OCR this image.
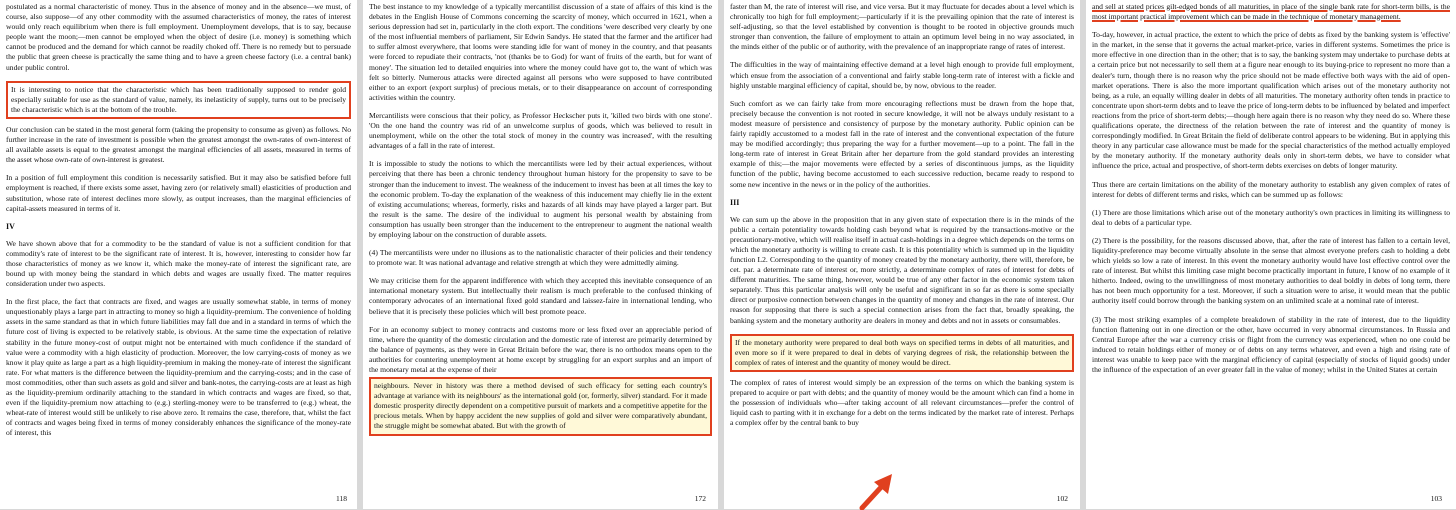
postulated as a normal characteristic of money. Thus in the absence of money and in the absence—we must, of course, also suppose—of any other commodity with the assumed characteristics of money, the rates of interest would only reach equilibrium when there is full employment. Unemployment develops, that is to say, because people want the moon;—men cannot be employed when the object of desire (i.e. money) is something which cannot be produced and the demand for which cannot be readily choked off. There is no remedy but to persuade the public that green cheese is practically the same thing and to have a green cheese factory (i.e. a central bank) under public control.

It is interesting to notice that the characteristic which has been traditionally supposed to render gold especially suitable for use as the standard of value, namely, its inelasticity of supply, turns out to be precisely the characteristic which is at the bottom of the trouble.

Our conclusion can be stated in the most general form (taking the propensity to consume as given) as follows. No further increase in the rate of investment is possible when the greatest amongst the own-rates of own-interest of all available assets is equal to the greatest amongst the marginal efficiencies of all assets, measured in terms of the asset whose own-rate of own-interest is greatest.

In a position of full employment this condition is necessarily satisfied. But it may also be satisfied before full employment is reached, if there exists some asset, having zero (or relatively small) elasticities of production and substitution, whose rate of interest declines more slowly, as output increases, than the marginal efficiencies of capital-assets measured in terms of it.

IV

We have shown above that for a commodity to be the standard of value is not a sufficient condition for that commodity's rate of interest to be the significant rate of interest. It is, however, interesting to consider how far those characteristics of money as we know it, which make the money-rate of interest the significant rate, are bound up with money being the standard in which debts and wages are usually fixed. The matter requires consideration under two aspects.

In the first place, the fact that contracts are fixed, and wages are usually somewhat stable, in terms of money unquestionably plays a large part in attracting to money so high a liquidity-premium. The convenience of holding assets in the same standard as that in which future liabilities may fall due and in a standard in terms of which the future cost of living is expected to be relatively stable, is obvious. At the same time the expectation of relative stability in the future money-cost of output might not be entertained with much confidence if the standard of value were a commodity with a high elasticity of production. Moreover, the low carrying-costs of money as we know it play quite as large a part as a high liquidity-premium in making the money-rate of interest the significant rate. For what matters is the difference between the liquidity-premium and the carrying-costs; and in the case of most commodities, other than such assets as gold and silver and bank-notes, the carrying-costs are at least as high as the liquidity-premium ordinarily attaching to the standard in which contracts and wages are fixed, so that, even if the liquidity-premium now attaching to (e.g.) sterling-money were to be transferred to (e.g.) wheat, the wheat-rate of interest would still be unlikely to rise above zero. It remains the case, therefore, that, whilst the fact of contracts and wages being fixed in terms of money considerably enhances the significance of the money-rate of interest, this

118

The best instance to my knowledge of a typically mercantilist discussion of a state of affairs of this kind is the debates in the English House of Commons concerning the scarcity of money, which occurred in 1621, when a serious depression had set in, particularly in the cloth export. The conditions 'were described very clearly by one of the most influential members of parliament, Sir Edwin Sandys. He stated that the farmer and the artificer had to suffer almost everywhere, that looms were standing idle for want of money in the country, and that peasants were forced to repudiate their contracts, 'not (thanks be to God) for want of fruits of the earth, but for want of money'. The situation led to detailed enquiries into where the money could have got to, the want of which was felt so bitterly. Numerous attacks were directed against all persons who were supposed to have contributed either to an export (export surplus) of precious metals, or to their disappearance on account of corresponding activities within the country.

Mercantilists were conscious that their policy, as Professor Heckscher puts it, 'killed two birds with one stone'. 'On the one hand the country was rid of an unwelcome surplus of goods, which was believed to result in unemployment, while on the other the total stock of money in the country was increased', with the resulting advantages of a fall in the rate of interest.

It is impossible to study the notions to which the mercantilists were led by their actual experiences, without perceiving that there has been a chronic tendency throughout human history for the propensity to save to be stronger than the inducement to invest. The weakness of the inducement to invest has been at all times the key to the economic problem. To-day the explanation of the weakness of this inducement may chiefly lie in the extent of existing accumulations; whereas, formerly, risks and hazards of all kinds may have played a larger part. But the result is the same. The desire of the individual to augment his personal wealth by abstaining from consumption has usually been stronger than the inducement to the entrepreneur to augment the national wealth by employing labour on the construction of durable assets.

(4) The mercantilists were under no illusions as to the nationalistic character of their policies and their tendency to promote war. It was national advantage and relative strength at which they were admittedly aiming.

We may criticise them for the apparent indifference with which they accepted this inevitable consequence of an international monetary system. But intellectually their realism is much preferable to the confused thinking of contemporary advocates of an international fixed gold standard and laissez-faire in international lending, who believe that it is precisely these policies which will best promote peace.

For in an economy subject to money contracts and customs more or less fixed over an appreciable period of time, where the quantity of the domestic circulation and the domestic rate of interest are primarily determined by the balance of payments, as they were in Great Britain before the war, there is no orthodox means open to the authorities for countering unemployment at home except by struggling for an export surplus and an import of the monetary metal at the expense of their

neighbours. Never in history was there a method devised of such efficacy for setting each country's advantage at variance with its neighbours' as the international gold (or, formerly, silver) standard. For it made domestic prosperity directly dependent on a competitive pursuit of markets and a competitive appetite for the precious metals. When by happy accident the new supplies of gold and silver were comparatively abundant, the struggle might be somewhat abated. But with the growth of

172

faster than M, the rate of interest will rise, and vice versa. But it may fluctuate for decades about a level which is chronically too high for full employment;—particularly if it is the prevailing opinion that the rate of interest is self-adjusting, so that the level established by convention is thought to be rooted in objective grounds much stronger than convention, the failure of employment to attain an optimum level being in no way associated, in the minds either of the public or of authority, with the prevalence of an inappropriate range of rates of interest.

The difficulties in the way of maintaining effective demand at a level high enough to provide full employment, which ensue from the association of a conventional and fairly stable long-term rate of interest with a fickle and highly unstable marginal efficiency of capital, should be, by now, obvious to the reader.

Such comfort as we can fairly take from more encouraging reflections must be drawn from the hope that, precisely because the convention is not rooted in secure knowledge, it will not be always unduly resistant to a modest measure of persistence and consistency of purpose by the monetary authority. Public opinion can be fairly rapidly accustomed to a modest fall in the rate of interest and the conventional expectation of the future may be modified accordingly; thus preparing the way for a further movement—up to a point. The fall in the long-term rate of interest in Great Britain after her departure from the gold standard provides an interesting example of this;—the major movements were effected by a series of discontinuous jumps, as the liquidity function of the public, having become accustomed to each successive reduction, became ready to respond to some new incentive in the news or in the policy of the authorities.

III

We can sum up the above in the proposition that in any given state of expectation there is in the minds of the public a certain potentiality towards holding cash beyond what is required by the transactions-motive or the precautionary-motive, which will realise itself in actual cash-holdings in a degree which depends on the terms on which the monetary authority is willing to create cash. It is this potentiality which is summed up in the liquidity function L2. Corresponding to the quantity of money created by the monetary authority, there will, therefore, be cet. par. a determinate rate of interest or, more strictly, a determinate complex of rates of interest for debts of different maturities. The same thing, however, would be true of any other factor in the economic system taken separately. Thus this particular analysis will only be useful and significant in so far as there is some specially direct or purposive connection between changes in the quantity of money and changes in the rate of interest. Our reason for supposing that there is such a special connection arises from the fact that, broadly speaking, the banking system and the monetary authority are dealers in money and debts and not in assets or consumables.

If the monetary authority were prepared to deal both ways on specified terms in debts of all maturities, and even more so if it were prepared to deal in debts of varying degrees of risk, the relationship between the complex of rates of interest and the quantity of money would be direct.

The complex of rates of interest would simply be an expression of the terms on which the banking system is prepared to acquire or part with debts; and the quantity of money would be the amount which can find a home in the possession of individuals who—after taking account of all relevant circumstances—prefer the control of liquid cash to parting with it in exchange for a debt on the terms indicated by the market rate of interest. Perhaps a complex offer by the central bank to buy

102

and sell at stated prices gilt-edged bonds of all maturities, in place of the single bank rate for short-term bills, is the most important practical improvement which can be made in the technique of monetary management.

To-day, however, in actual practice, the extent to which the price of debts as fixed by the banking system is 'effective' in the market, in the sense that it governs the actual market-price, varies in different systems. Sometimes the price is more effective in one direction than in the other; that is to say, the banking system may undertake to purchase debts at a certain price but not necessarily to sell them at a figure near enough to its buying-price to represent no more than a dealer's turn, though there is no reason why the price should not be made effective both ways with the aid of open-market operations. There is also the more important qualification which arises out of the monetary authority not being, as a rule, an equally willing dealer in debts of all maturities. The monetary authority often tends in practice to concentrate upon short-term debts and to leave the price of long-term debts to be influenced by belated and imperfect reactions from the price of short-term debts;—though here again there is no reason why they need do so. Where these qualifications operate, the directness of the relation between the rate of interest and the quantity of money is correspondingly modified. In Great Britain the field of deliberate control appears to be widening. But in applying this theory in any particular case allowance must be made for the special characteristics of the method actually employed by the monetary authority. If the monetary authority deals only in short-term debts, we have to consider what influence the price, actual and prospective, of short-term debts exercises on debts of longer maturity.

Thus there are certain limitations on the ability of the monetary authority to establish any given complex of rates of interest for debts of different terms and risks, which can be summed up as follows:

(1) There are those limitations which arise out of the monetary authority's own practices in limiting its willingness to deal to debts of a particular type.

(2) There is the possibility, for the reasons discussed above, that, after the rate of interest has fallen to a certain level, liquidity-preference may become virtually absolute in the sense that almost everyone prefers cash to holding a debt which yields so low a rate of interest. In this event the monetary authority would have lost effective control over the rate of interest. But whilst this limiting case might become practically important in future, I know of no example of it hitherto. Indeed, owing to the unwillingness of most monetary authorities to deal boldly in debts of long term, there has not been much opportunity for a test. Moreover, if such a situation were to arise, it would mean that the public authority itself could borrow through the banking system on an unlimited scale at a nominal rate of interest.

(3) The most striking examples of a complete breakdown of stability in the rate of interest, due to the liquidity function flattening out in one direction or the other, have occurred in very abnormal circumstances. In Russia and Central Europe after the war a currency crisis or flight from the currency was experienced, when no one could be induced to retain holdings either of money or of debts on any terms whatever, and even a high and rising rate of interest was unable to keep pace with the marginal efficiency of capital (especially of stocks of liquid goods) under the influence of the expectation of an ever greater fall in the value of money; whilst in the United States at certain

103
